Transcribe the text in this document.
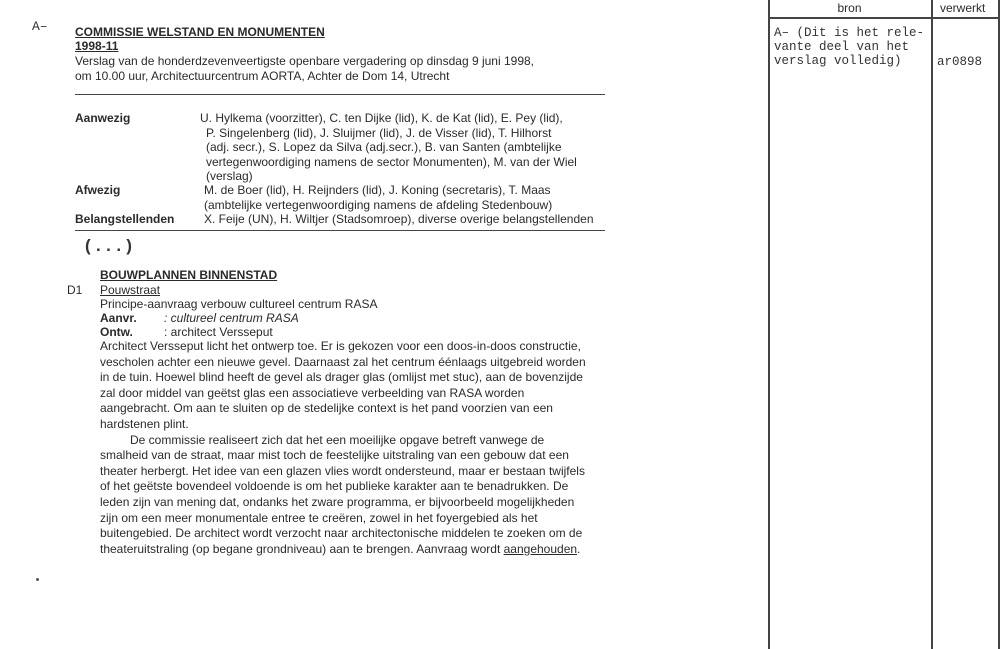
A– COMMISSIE WELSTAND EN MONUMENTEN
1998-11
Verslag van de honderdzevenveertigste openbare vergadering op dinsdag 9 juni 1998,
om 10.00 uur, Architectuurcentrum AORTA, Achter de Dom 14, Utrecht
Aanwezig	U. Hylkema (voorzitter), C. ten Dijke (lid), K. de Kat (lid), E. Pey (lid),
P. Singelenberg (lid), J. Sluijmer (lid), J. de Visser (lid), T. Hilhorst
(adj. secr.), S. Lopez da Silva (adj.secr.), B. van Santen (ambtelijke
vertegenwoordiging namens de sector Monumenten), M. van der Wiel
(verslag)
Afwezig	M. de Boer (lid), H. Reijnders (lid), J. Koning (secretaris), T. Maas
(ambtelijke vertegenwoordiging namens de afdeling Stedenbouw)
Belangstellenden X. Feije (UN), H. Wiltjer (Stadsomroep), diverse overige belangstellenden
(...)
BOUWPLANNEN BINNENSTAD
D1 Pouwstraat
Principe-aanvraag verbouw cultureel centrum RASA
Aanvr. : cultureel centrum RASA
Ontw.	: architect Versseput
Architect Versseput licht het ontwerp toe. Er is gekozen voor een doos-in-doos constructie,
vescholen achter een nieuwe gevel. Daarnaast zal het centrum éénlaags uitgebreid worden
in de tuin. Hoewel blind heeft de gevel als drager glas (omlijst met stuc), aan de bovenzijde
zal door middel van geëtst glas een associatieve verbeelding van RASA worden
aangebracht. Om aan te sluiten op de stedelijke context is het pand voorzien van een
hardstenen plint.
De commissie realiseert zich dat het een moeilijke opgave betreft vanwege de
smalheid van de straat, maar mist toch de feestelijke uitstraling van een gebouw dat een
theater herbergt. Het idee van een glazen vlies wordt ondersteund, maar er bestaan twijfels
of het geëtste bovendeel voldoende is om het publieke karakter aan te benadrukken. De
leden zijn van mening dat, ondanks het zware programma, er bijvoorbeeld mogelijkheden
zijn om een meer monumentale entree te creëren, zowel in het foyergebied als het
buitengebied. De architect wordt verzocht naar architectonische middelen te zoeken om de
theateruitstraling (op begane grondniveau) aan te brengen. Aanvraag wordt aangehouden.
bron	verwerkt
A– (Dit is het rele-
vante deel van het
verslag volledig)	ar0898
